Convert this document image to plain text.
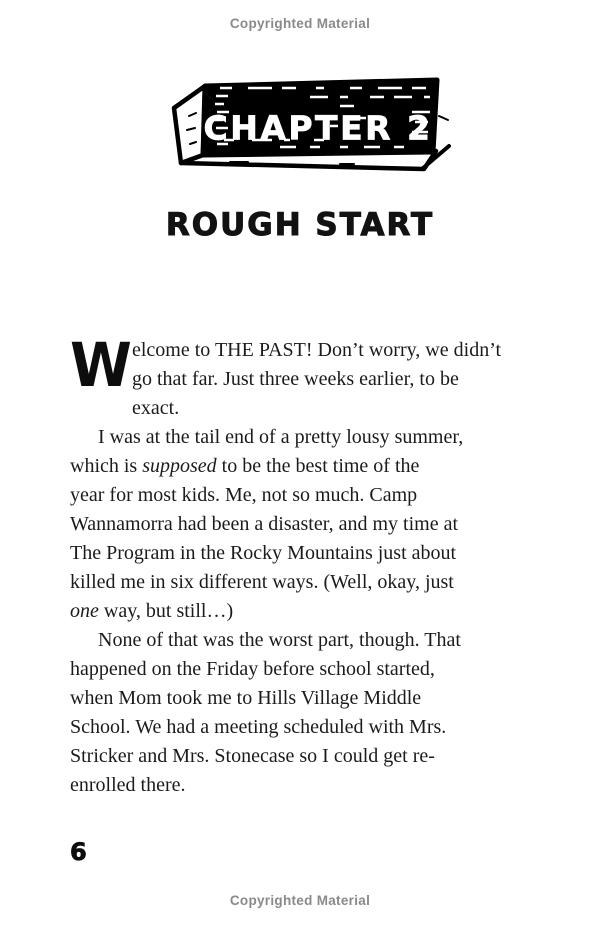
Copyrighted Material
CHAPTER 2
ROUGH START

Welcome to THE PAST! Don’t worry, we didn’t
go that far. Just three weeks earlier, to be
exact.

I was at the tail end of a pretty lousy summer,
which is supposed to be the best time of the
year for most kids. Me, not so much. Camp
Wannamorra had been a disaster, and my time at
The Program in the Rocky Mountains just about
killed me in six different ways. (Well, okay, just
one way, but still…)

None of that was the worst part, though. That
happened on the Friday before school started,
when Mom took me to Hills Village Middle
School. We had a meeting scheduled with Mrs.
Stricker and Mrs. Stonecase so I could get re-
enrolled there.

6
Copyrighted Material
